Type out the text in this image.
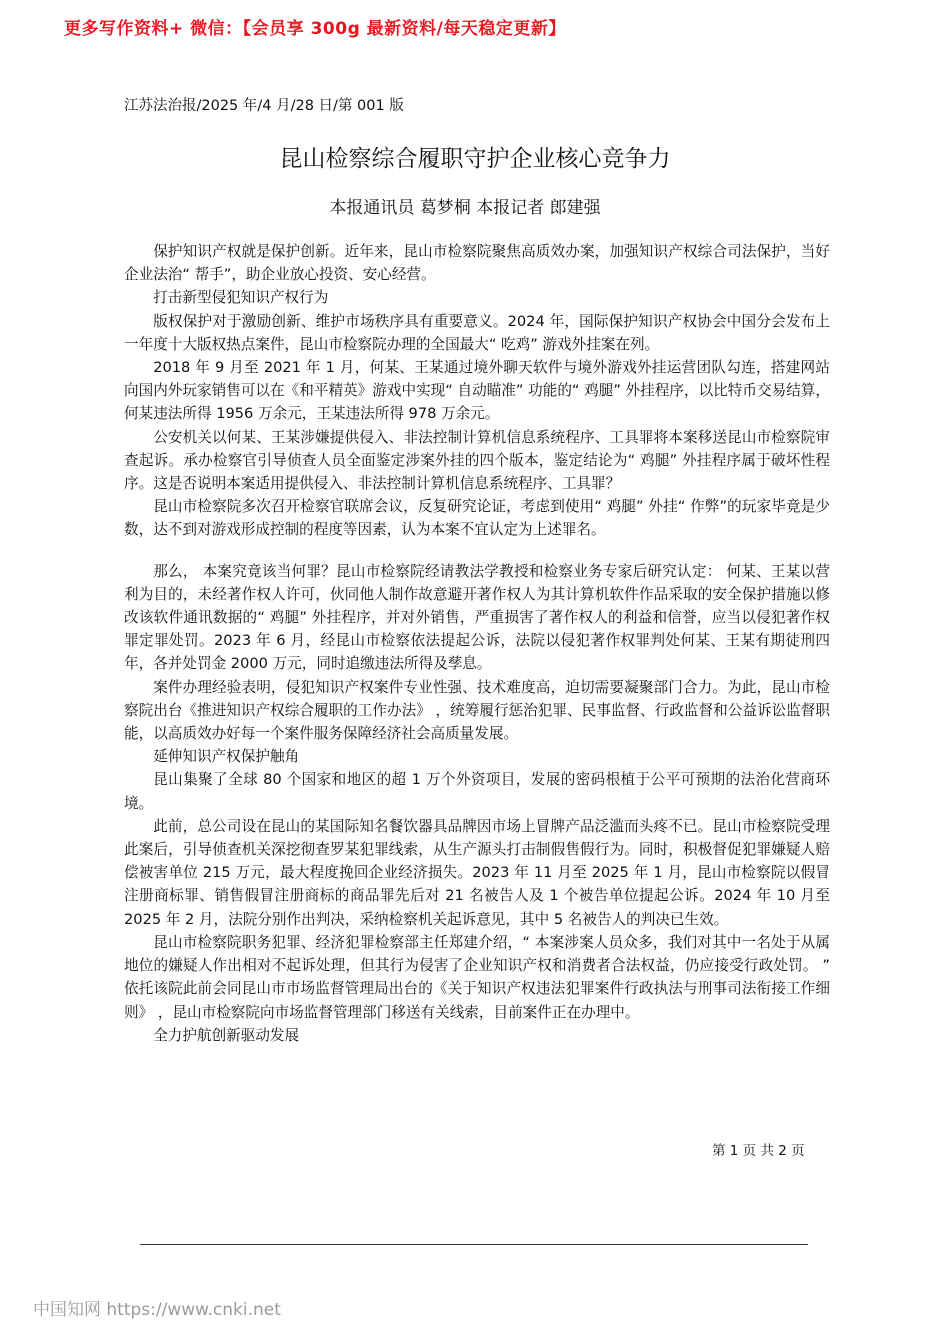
更多写作资料+ 微信：【会员享 300g 最新资料/每天稳定更新】
江苏法治报/2025 年/4 月/28 日/第 001 版
昆山检察综合履职守护企业核心竞争力
本报通讯员 葛梦桐 本报记者 郎建强

保护知识产权就是保护创新。近年来，昆山市检察院聚焦高质效办案，加强知识产权综合司法保护，当好企业法治“ 帮手”，助企业放心投资、安心经营。

打击新型侵犯知识产权行为

版权保护对于激励创新、维护市场秩序具有重要意义。2024 年，国际保护知识产权协会中国分会发布上一年度十大版权热点案件，昆山市检察院办理的全国最大“ 吃鸡” 游戏外挂案在列。

2018 年 9 月至 2021 年 1 月，何某、王某通过境外聊天软件与境外游戏外挂运营团队勾连，搭建网站向国内外玩家销售可以在《和平精英》游戏中实现“ 自动瞄准” 功能的“ 鸡腿” 外挂程序，以比特币交易结算，何某违法所得 1956 万余元，王某违法所得 978 万余元。

公安机关以何某、王某涉嫌提供侵入、非法控制计算机信息系统程序、工具罪将本案移送昆山市检察院审查起诉。承办检察官引导侦查人员全面鉴定涉案外挂的四个版本，鉴定结论为“ 鸡腿” 外挂程序属于破坏性程序。这是否说明本案适用提供侵入、非法控制计算机信息系统程序、工具罪？

昆山市检察院多次召开检察官联席会议，反复研究论证，考虑到使用“ 鸡腿” 外挂“ 作弊”的玩家毕竟是少数，达不到对游戏形成控制的程度等因素，认为本案不宜认定为上述罪名。

那么， 本案究竟该当何罪？昆山市检察院经请教法学教授和检察业务专家后研究认定： 何某、王某以营利为目的，未经著作权人许可，伙同他人制作故意避开著作权人为其计算机软件作品采取的安全保护措施以修改该软件通讯数据的“ 鸡腿” 外挂程序，并对外销售，严重损害了著作权人的利益和信誉，应当以侵犯著作权罪定罪处罚。2023 年 6 月，经昆山市检察依法提起公诉，法院以侵犯著作权罪判处何某、王某有期徒刑四年，各并处罚金 2000 万元，同时追缴违法所得及孳息。

案件办理经验表明，侵犯知识产权案件专业性强、技术难度高，迫切需要凝聚部门合力。为此，昆山市检察院出台《推进知识产权综合履职的工作办法》 ，统筹履行惩治犯罪、民事监督、行政监督和公益诉讼监督职能，以高质效办好每一个案件服务保障经济社会高质量发展。

延伸知识产权保护触角

昆山集聚了全球 80 个国家和地区的超 1 万个外资项目，发展的密码根植于公平可预期的法治化营商环境。

此前，总公司设在昆山的某国际知名餐饮器具品牌因市场上冒牌产品泛滥而头疼不已。昆山市检察院受理此案后，引导侦查机关深挖彻查罗某犯罪线索，从生产源头打击制假售假行为。同时，积极督促犯罪嫌疑人赔偿被害单位 215 万元，最大程度挽回企业经济损失。2023 年 11 月至 2025 年 1 月，昆山市检察院以假冒注册商标罪、销售假冒注册商标的商品罪先后对 21 名被告人及 1 个被告单位提起公诉。2024 年 10 月至 2025 年 2 月，法院分别作出判决，采纳检察机关起诉意见，其中 5 名被告人的判决已生效。

昆山市检察院职务犯罪、经济犯罪检察部主任郑建介绍，“ 本案涉案人员众多，我们对其中一名处于从属地位的嫌疑人作出相对不起诉处理，但其行为侵害了企业知识产权和消费者合法权益，仍应接受行政处罚。 ” 依托该院此前会同昆山市市场监督管理局出台的《关于知识产权违法犯罪案件行政执法与刑事司法衔接工作细则》 ，昆山市检察院向市场监督管理部门移送有关线索，目前案件正在办理中。

全力护航创新驱动发展

第 1 页 共 2 页
中国知网 https://www.cnki.net
